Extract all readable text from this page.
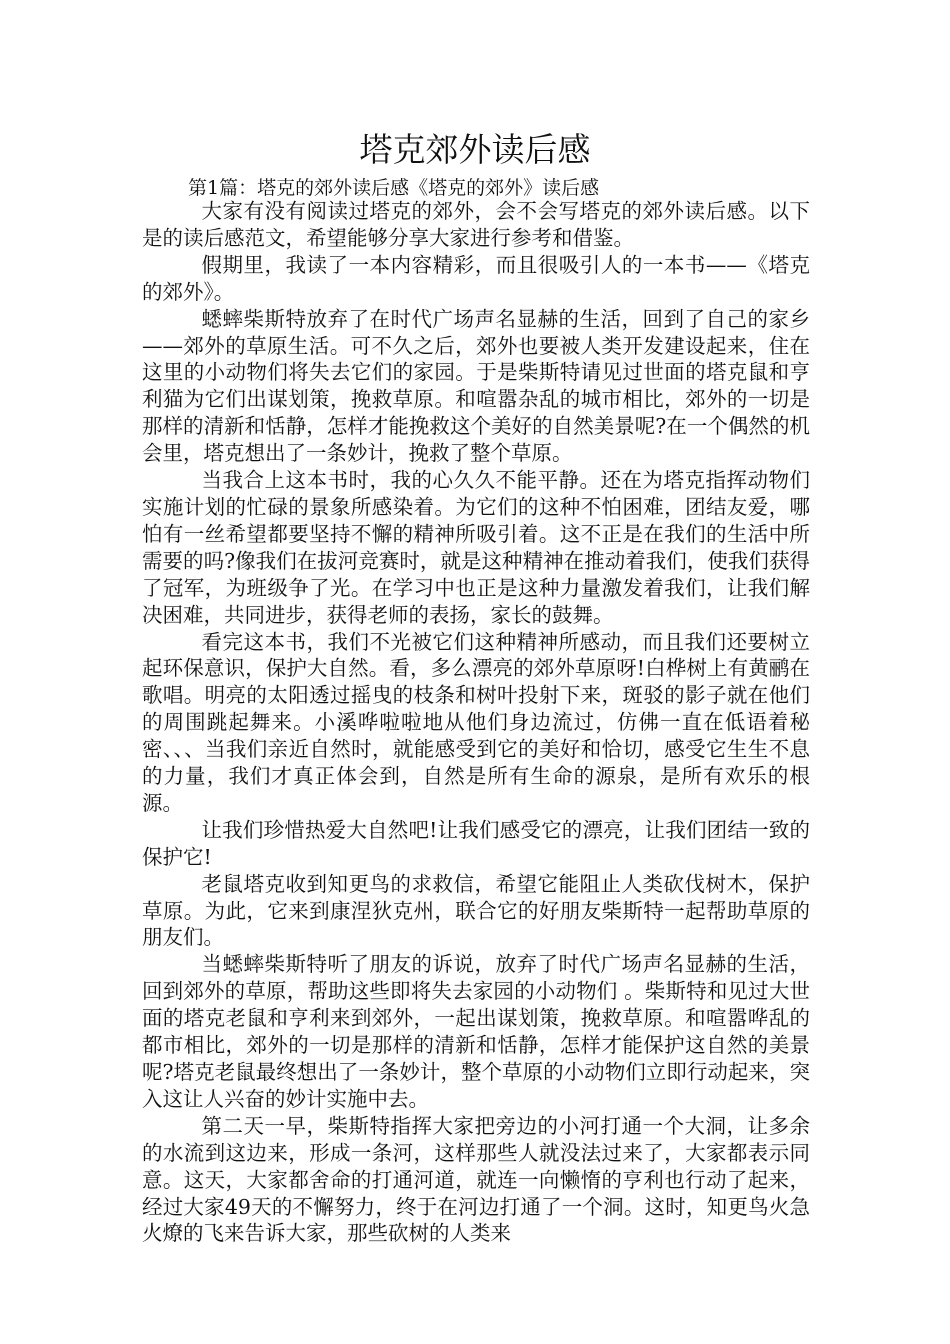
塔克郊外读后感

第1篇：塔克的郊外读后感《塔克的郊外》读后感

大家有没有阅读过塔克的郊外，会不会写塔克的郊外读后感。以下是的读后感范文，希望能够分享大家进行参考和借鉴。

假期里，我读了一本内容精彩，而且很吸引人的一本书——《塔克的郊外》。

蟋蟀柴斯特放弃了在时代广场声名显赫的生活，回到了自己的家乡——郊外的草原生活。可不久之后，郊外也要被人类开发建设起来，住在这里的小动物们将失去它们的家园。于是柴斯特请见过世面的塔克鼠和亨利猫为它们出谋划策，挽救草原。和喧嚣杂乱的城市相比，郊外的一切是那样的清新和恬静，怎样才能挽救这个美好的自然美景呢?在一个偶然的机会里，塔克想出了一条妙计，挽救了整个草原。

当我合上这本书时，我的心久久不能平静。还在为塔克指挥动物们实施计划的忙碌的景象所感染着。为它们的这种不怕困难，团结友爱，哪怕有一丝希望都要坚持不懈的精神所吸引着。这不正是在我们的生活中所需要的吗?像我们在拔河竞赛时，就是这种精神在推动着我们，使我们获得了冠军，为班级争了光。在学习中也正是这种力量激发着我们，让我们解决困难，共同进步，获得老师的表扬，家长的鼓舞。

看完这本书，我们不光被它们这种精神所感动，而且我们还要树立起环保意识，保护大自然。看，多么漂亮的郊外草原呀!白桦树上有黄鹂在歌唱。明亮的太阳透过摇曳的枝条和树叶投射下来，斑驳的影子就在他们的周围跳起舞来。小溪哗啦啦地从他们身边流过，仿佛一直在低语着秘密、、、当我们亲近自然时，就能感受到它的美好和恰切，感受它生生不息的力量，我们才真正体会到，自然是所有生命的源泉，是所有欢乐的根源。

让我们珍惜热爱大自然吧!让我们感受它的漂亮，让我们团结一致的保护它!

老鼠塔克收到知更鸟的求救信，希望它能阻止人类砍伐树木，保护草原。为此，它来到康涅狄克州，联合它的好朋友柴斯特一起帮助草原的朋友们。

当蟋蟀柴斯特听了朋友的诉说，放弃了时代广场声名显赫的生活，回到郊外的草原，帮助这些即将失去家园的小动物们 。柴斯特和见过大世面的塔克老鼠和亨利来到郊外，一起出谋划策，挽救草原。和喧嚣哗乱的都市相比，郊外的一切是那样的清新和恬静，怎样才能保护这自然的美景呢?塔克老鼠最终想出了一条妙计，整个草原的小动物们立即行动起来，突入这让人兴奋的妙计实施中去。

第二天一早，柴斯特指挥大家把旁边的小河打通一个大洞，让多余的水流到这边来，形成一条河，这样那些人就没法过来了，大家都表示同意。这天，大家都舍命的打通河道，就连一向懒惰的亨利也行动了起来，经过大家49天的不懈努力，终于在河边打通了一个洞。这时，知更鸟火急火燎的飞来告诉大家，那些砍树的人类来
